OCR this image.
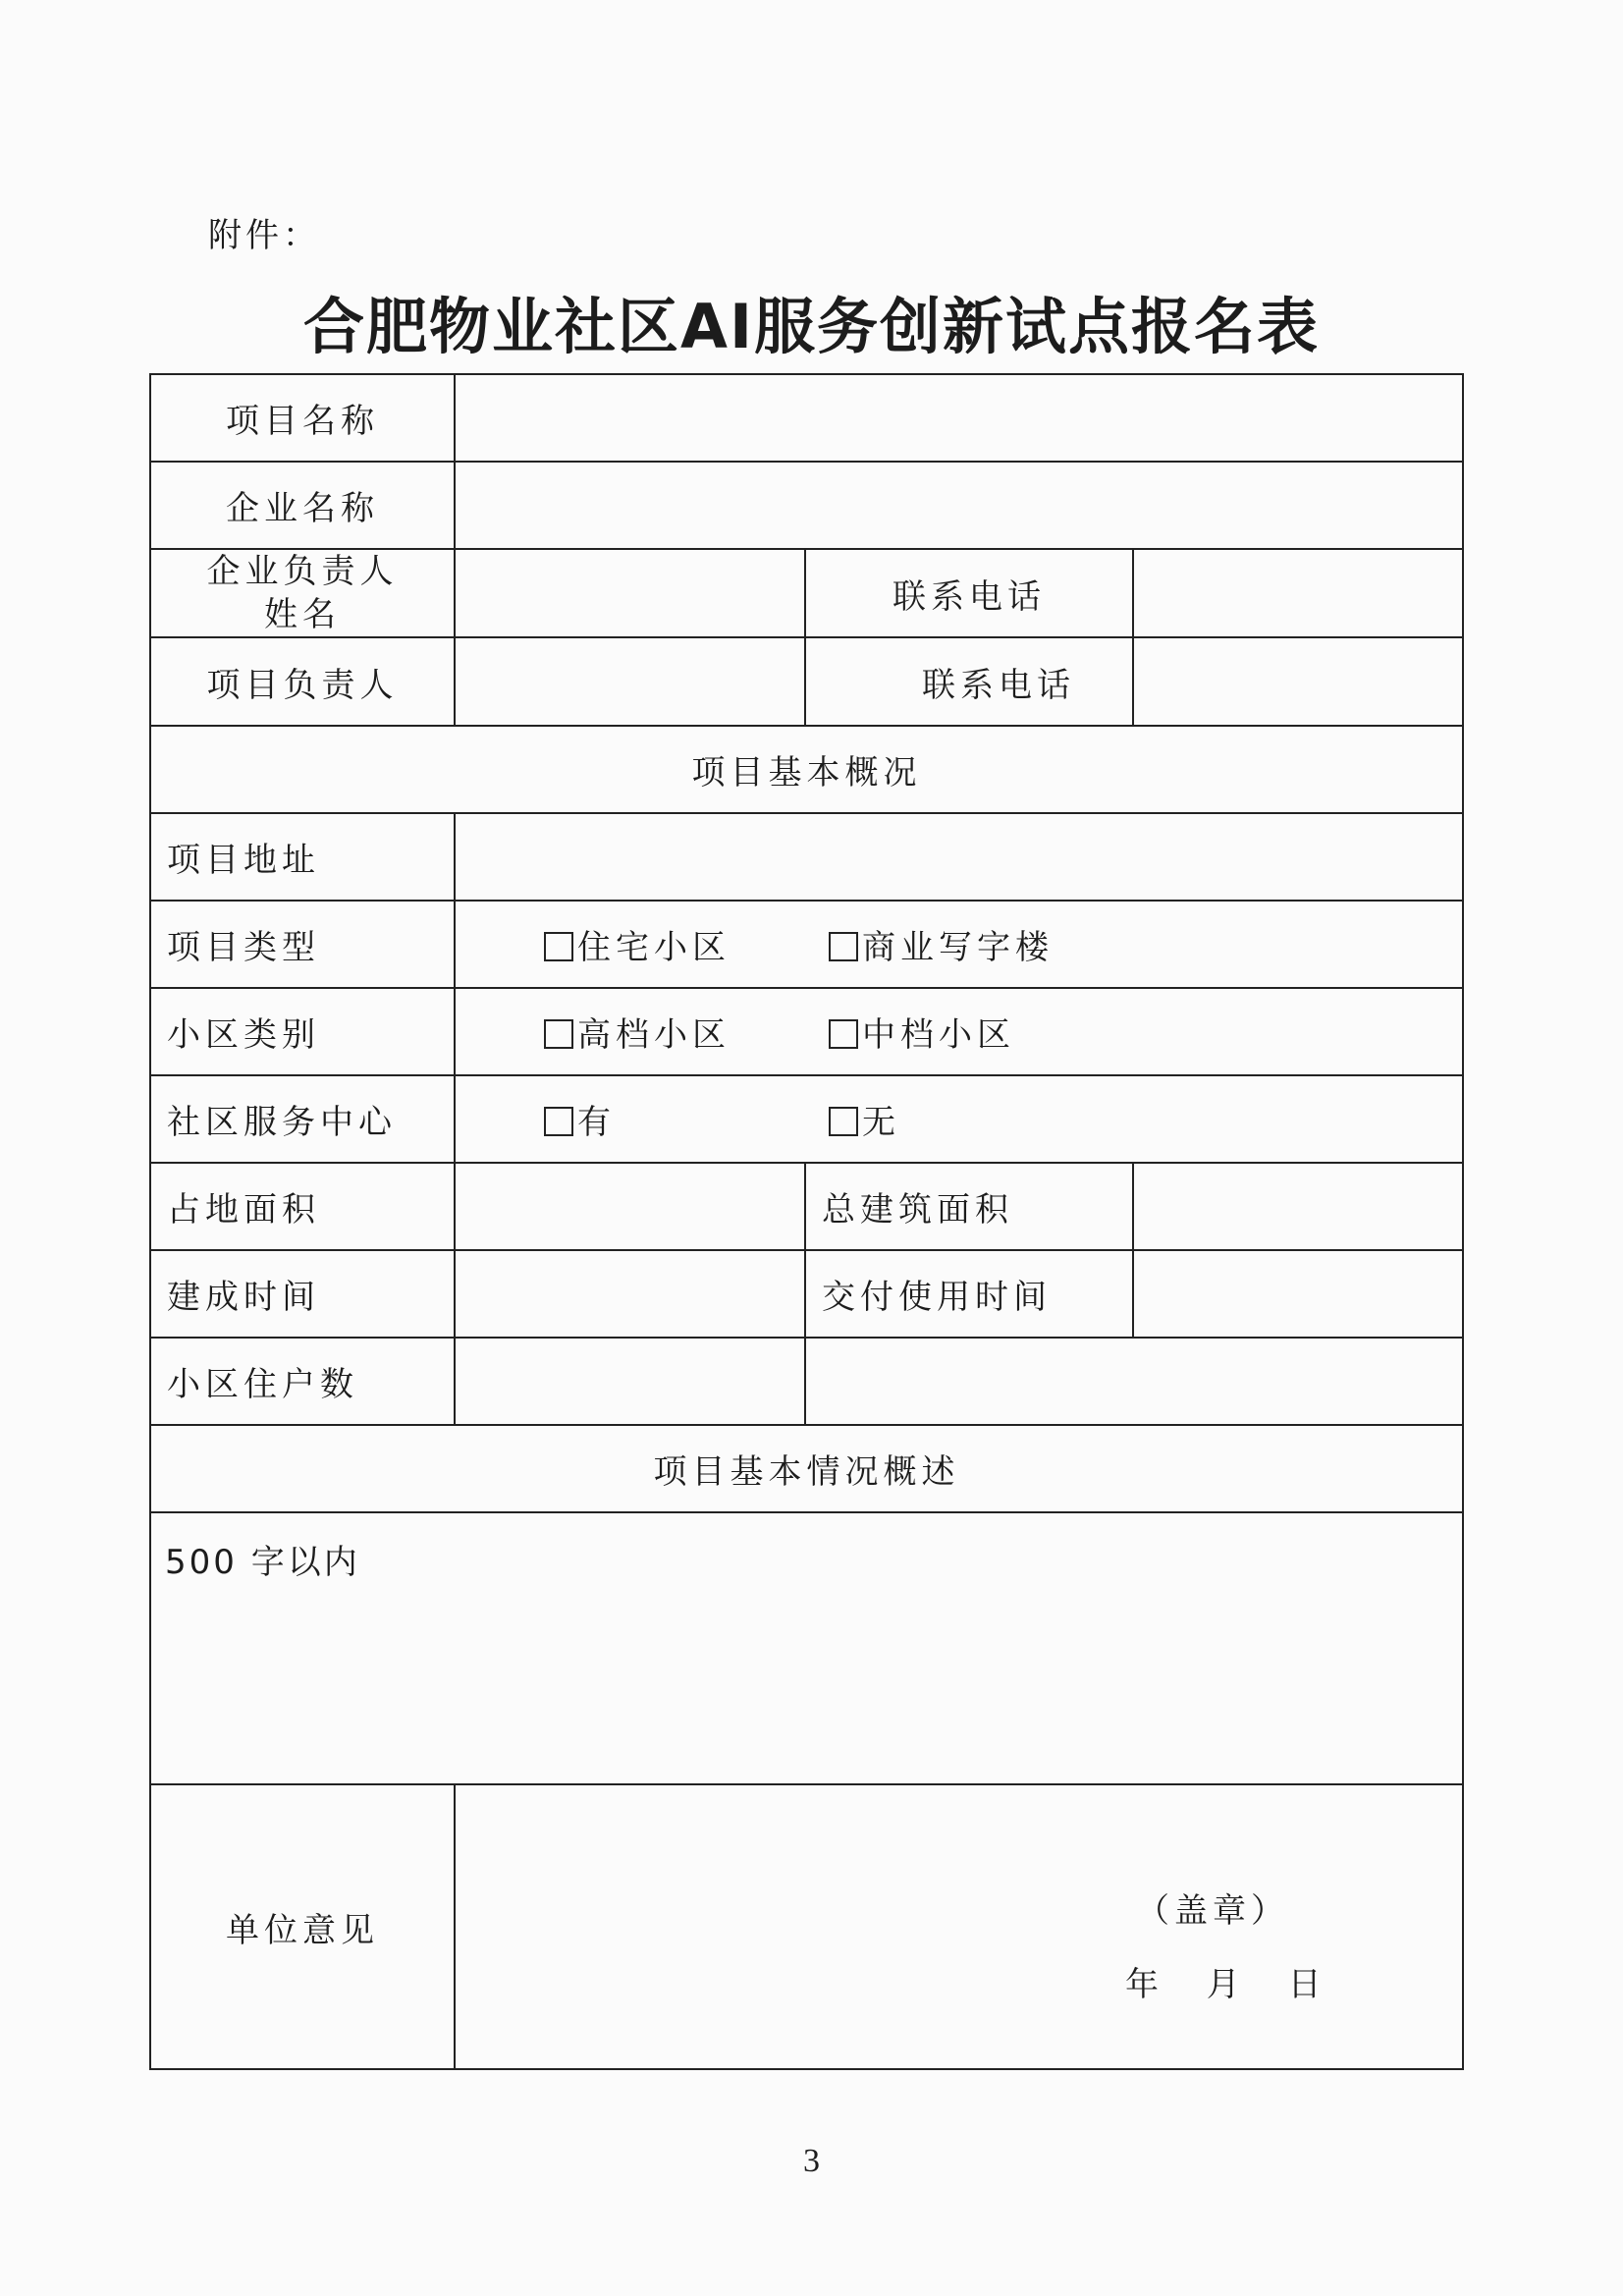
附件：
合肥物业社区AI服务创新试点报名表
项目名称			
企业名称			
企业负责人姓名		联系电话	
项目负责人		联系电话	
项目基本概况			
项目地址			
项目类型	住宅小区 商业写字楼		
小区类别	高档小区 中档小区		
社区服务中心	有 无		
占地面积		总建筑面积	
建成时间		交付使用时间	
小区住户数			
项目基本情况概述			
500 字以内			
单位意见	（盖章）
年 月 日		
3
